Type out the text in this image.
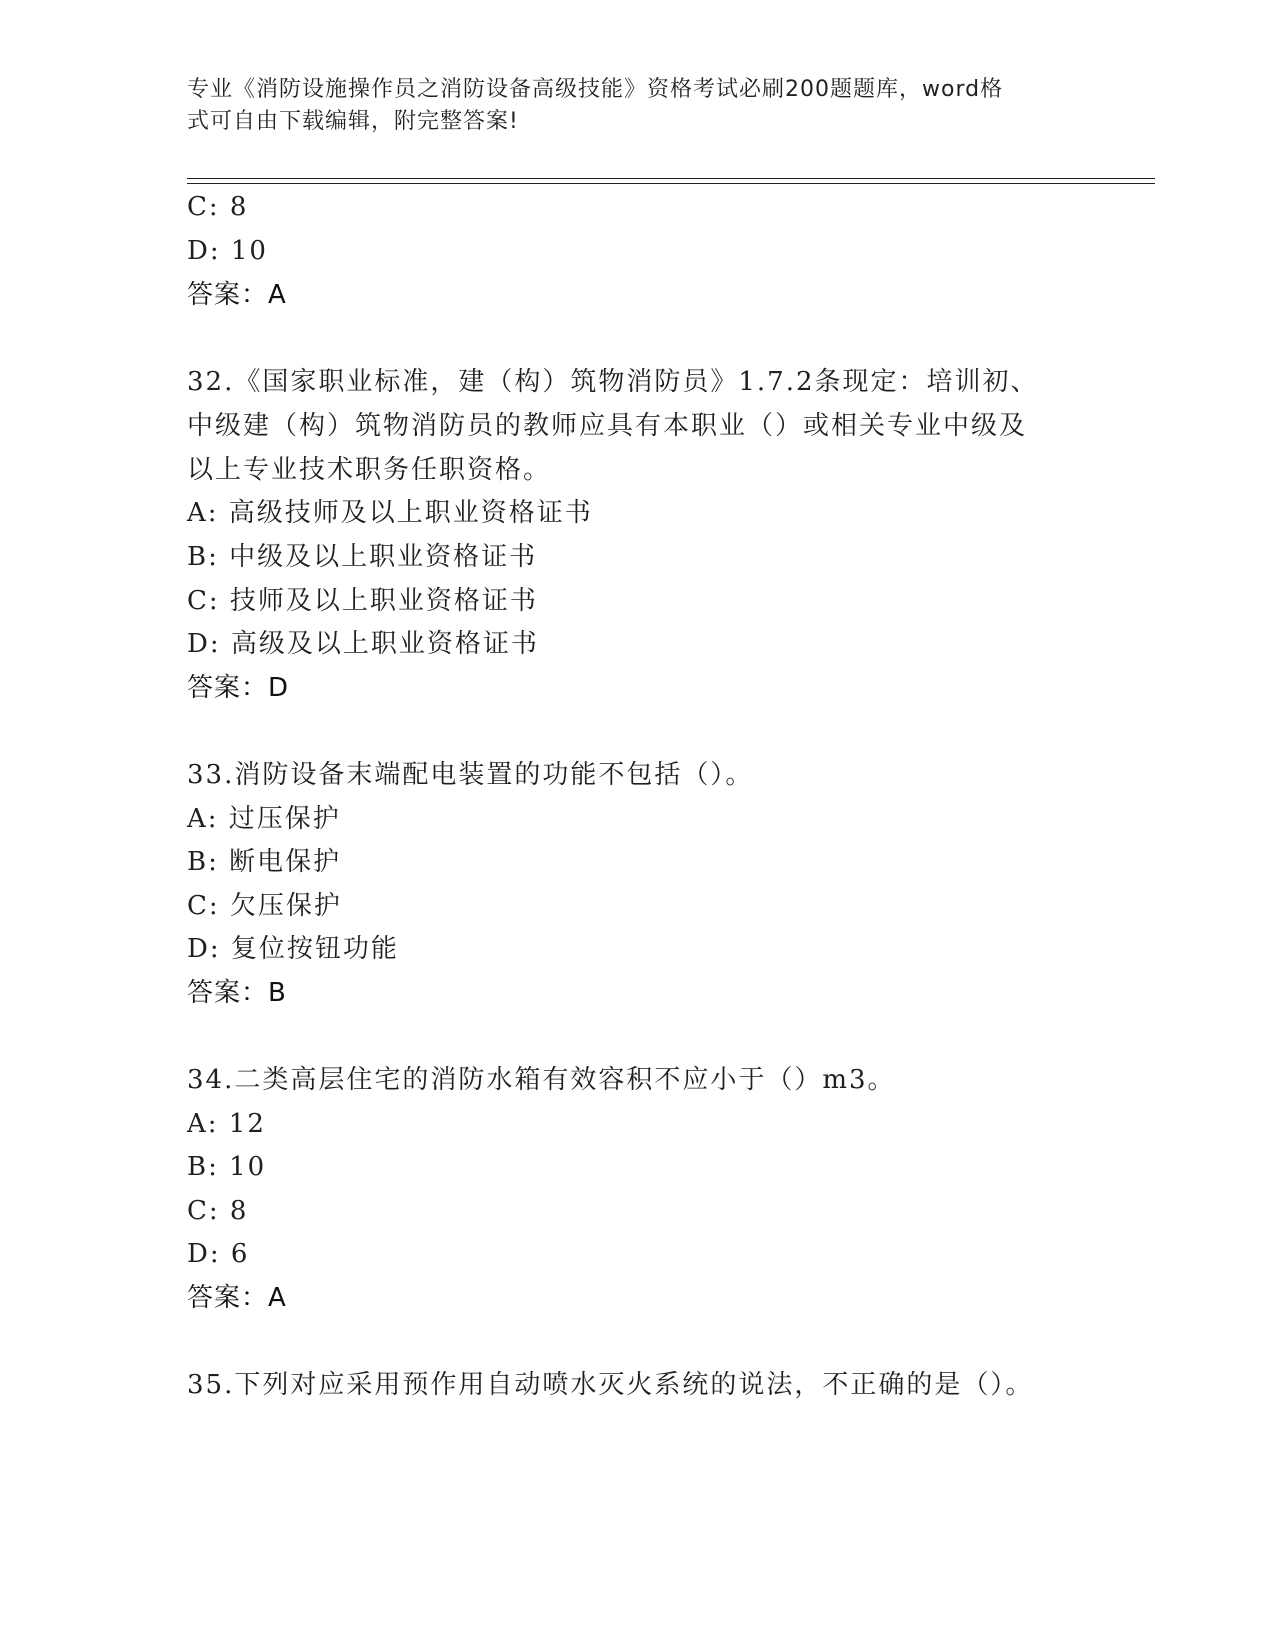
专业《消防设施操作员之消防设备高级技能》资格考试必刷200题题库，word格
式可自由下载编辑，附完整答案!
C: 8
D: 10
答案：A
32.《国家职业标准，建（构）筑物消防员》1.7.2条现定：培训初、
中级建（构）筑物消防员的教师应具有本职业（）或相关专业中级及
以上专业技术职务任职资格。
A: 高级技师及以上职业资格证书
B: 中级及以上职业资格证书
C: 技师及以上职业资格证书
D: 高级及以上职业资格证书
答案：D
33.消防设备末端配电装置的功能不包括（）。
A: 过压保护
B: 断电保护
C: 欠压保护
D: 复位按钮功能
答案：B
34.二类高层住宅的消防水箱有效容积不应小于（）m3。
A: 12
B: 10
C: 8
D: 6
答案：A
35.下列对应采用预作用自动喷水灭火系统的说法，不正确的是（）。
